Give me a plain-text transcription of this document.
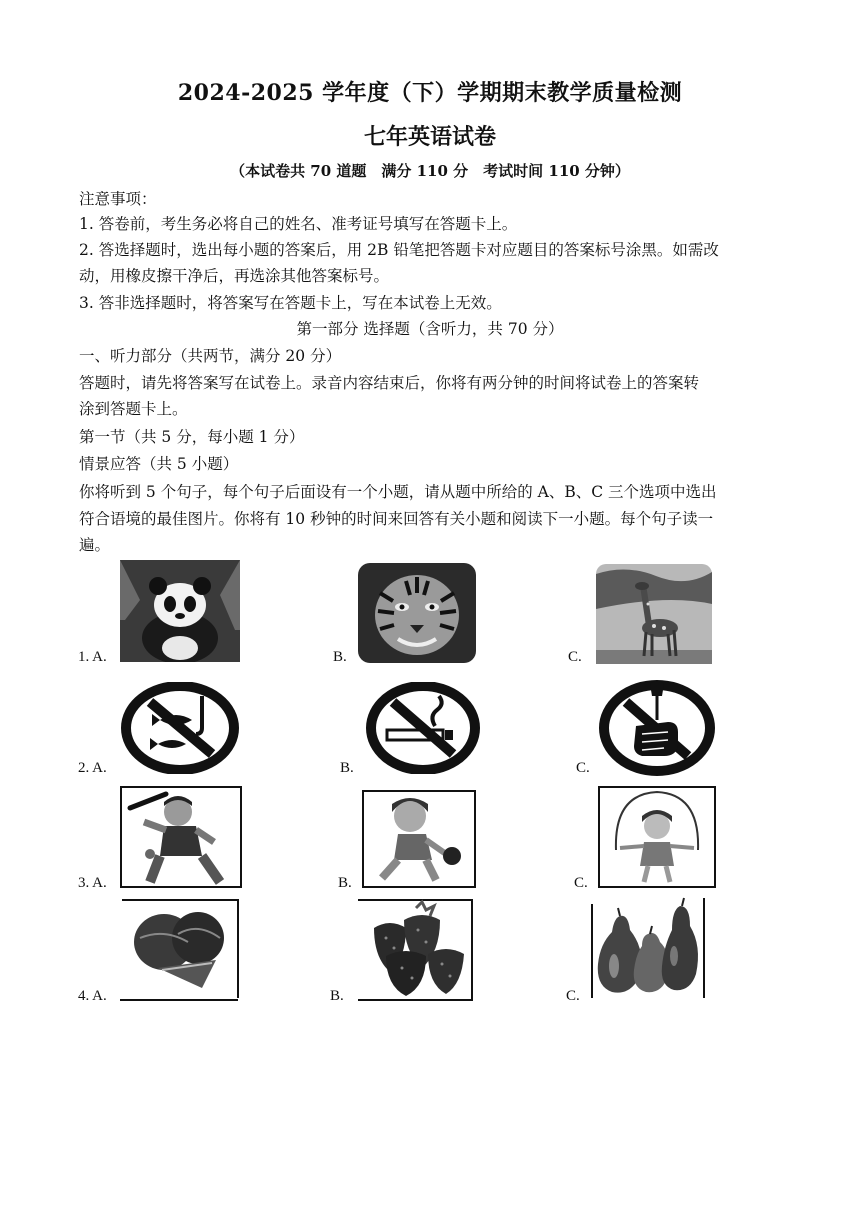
2024-2025 学年度（下）学期期末教学质量检测
七年英语试卷
（本试卷共 70 道题　满分 110 分　考试时间 110 分钟）
注意事项：
1. 答卷前，考生务必将自己的姓名、准考证号填写在答题卡上。
2. 答选择题时，选出每小题的答案后，用 2B 铅笔把答题卡对应题目的答案标号涂黑。如需改
动，用橡皮擦干净后，再选涂其他答案标号。
3. 答非选择题时，将答案写在答题卡上，写在本试卷上无效。
第一部分 选择题（含听力，共 70 分）
一、听力部分（共两节，满分 20 分）
答题时，请先将答案写在试卷上。录音内容结束后，你将有两分钟的时间将试卷上的答案转
涂到答题卡上。
第一节（共 5 分，每小题 1 分）
情景应答（共 5 小题）
你将听到 5 个句子，每个句子后面设有一个小题，请从题中所给的 A、B、C 三个选项中选出
符合语境的最佳图片。你将有 10 秒钟的时间来回答有关小题和阅读下一小题。每个句子读一
遍。
1. A.	B.	C.
2. A.	B.	C.
3. A.	B.	C.
4. A.	B.	C.
